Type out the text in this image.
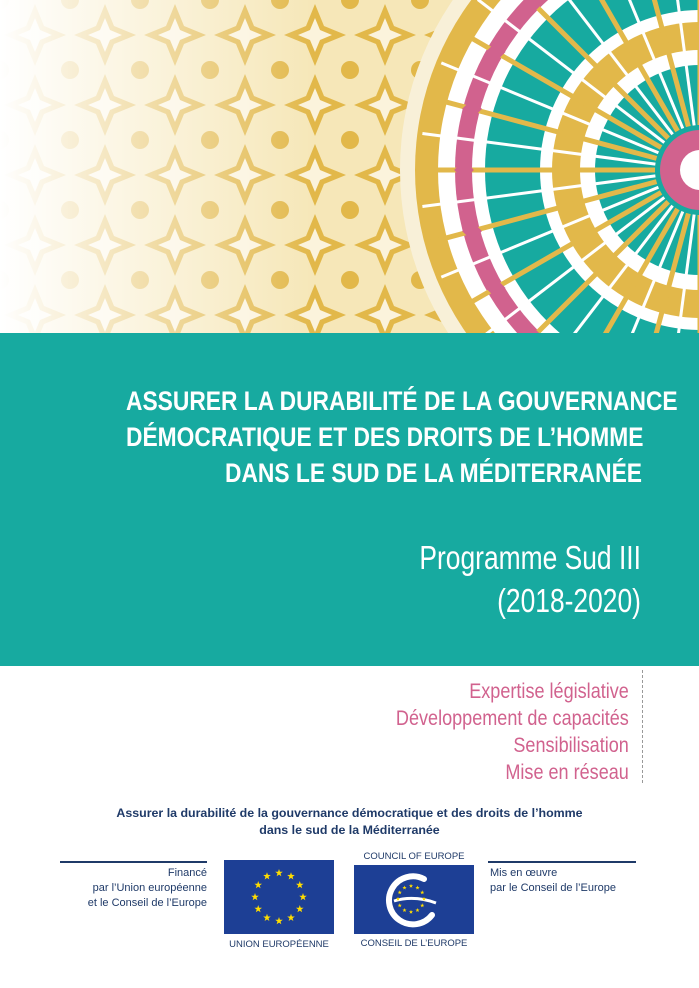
ASSURER LA DURABILITÉ DE LA GOUVERNANCE
DÉMOCRATIQUE ET DES DROITS DE L’HOMME
DANS LE SUD DE LA MÉDITERRANÉE
Programme Sud III
(2018-2020)
Expertise législative
Développement de capacités
Sensibilisation
Mise en réseau
Assurer la durabilité de la gouvernance démocratique et des droits de l’homme
dans le sud de la Méditerranée
Financé
par l’Union européenne
et le Conseil de l’Europe
UNION EUROPÉENNE
COUNCIL OF EUROPE
CONSEIL DE L’EUROPE
Mis en œuvre
par le Conseil de l’Europe
